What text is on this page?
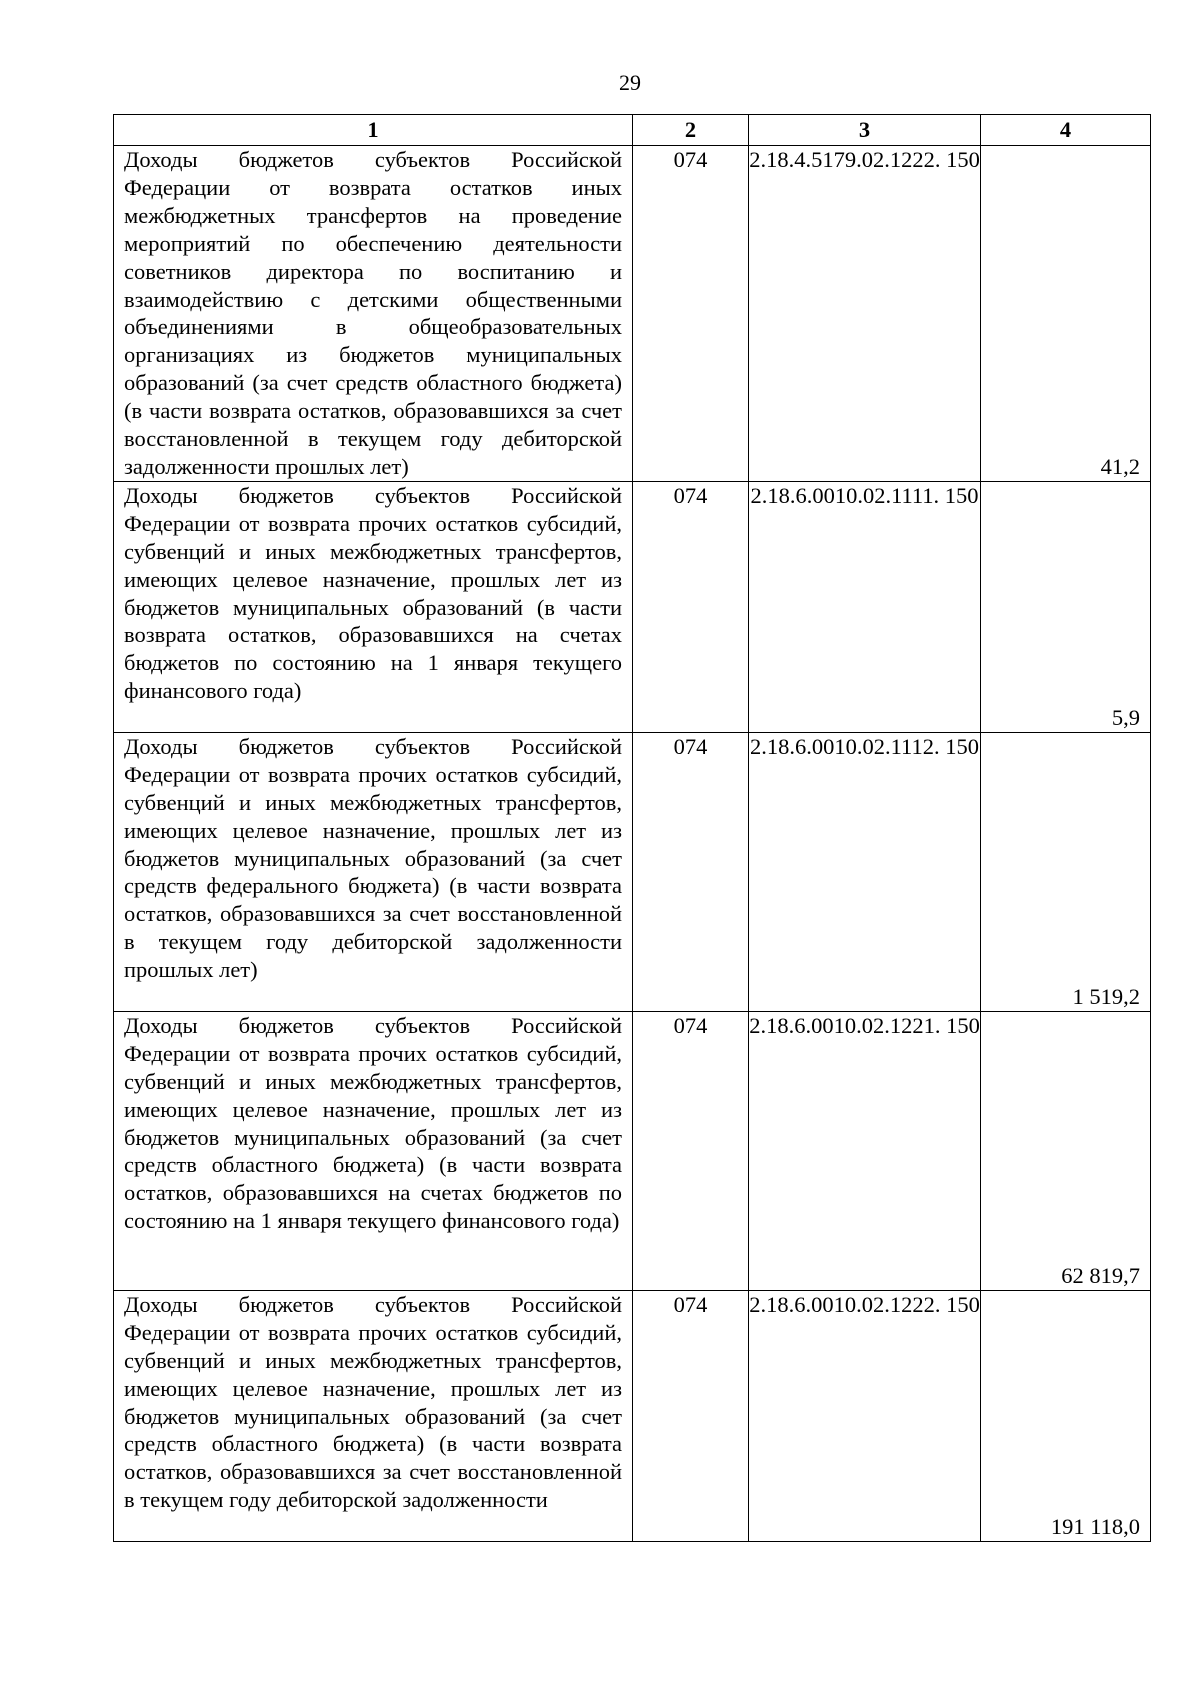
29
1	2	3	4
Доходы бюджетов субъектов Российской Федерации от возврата остатков иных межбюджетных трансфертов на проведение мероприятий по обеспечению деятельности советников директора по воспитанию и взаимодействию с детскими общественными объединениями в общеобразовательных организациях из бюджетов муниципальных образований (за счет средств областного бюджета) (в части возврата остатков, образовавшихся за счет восстановленной в текущем году дебиторской задолженности прошлых лет)	074	2.18.4.5179.02.1222. 150	41,2
Доходы бюджетов субъектов Российской Федерации от возврата прочих остатков субсидий, субвенций и иных межбюджетных трансфертов, имеющих целевое назначение, прошлых лет из бюджетов муниципальных образований (в части возврата остатков, образовавшихся на счетах бюджетов по состоянию на 1 января текущего финансового года)	074	2.18.6.0010.02.1111. 150	5,9
Доходы бюджетов субъектов Российской Федерации от возврата прочих остатков субсидий, субвенций и иных межбюджетных трансфертов, имеющих целевое назначение, прошлых лет из бюджетов муниципальных образований (за счет средств федерального бюджета) (в части возврата остатков, образовавшихся за счет восстановленной в текущем году дебиторской задолженности прошлых лет)	074	2.18.6.0010.02.1112. 150	1 519,2
Доходы бюджетов субъектов Российской Федерации от возврата прочих остатков субсидий, субвенций и иных межбюджетных трансфертов, имеющих целевое назначение, прошлых лет из бюджетов муниципальных образований (за счет средств областного бюджета) (в части возврата остатков, образовавшихся на счетах бюджетов по состоянию на 1 января текущего финансового года)	074	2.18.6.0010.02.1221. 150	62 819,7
Доходы бюджетов субъектов Российской Федерации от возврата прочих остатков субсидий, субвенций и иных межбюджетных трансфертов, имеющих целевое назначение, прошлых лет из бюджетов муниципальных образований (за счет средств областного бюджета) (в части возврата остатков, образовавшихся за счет восстановленной в текущем году дебиторской задолженности	074	2.18.6.0010.02.1222. 150	191 118,0
